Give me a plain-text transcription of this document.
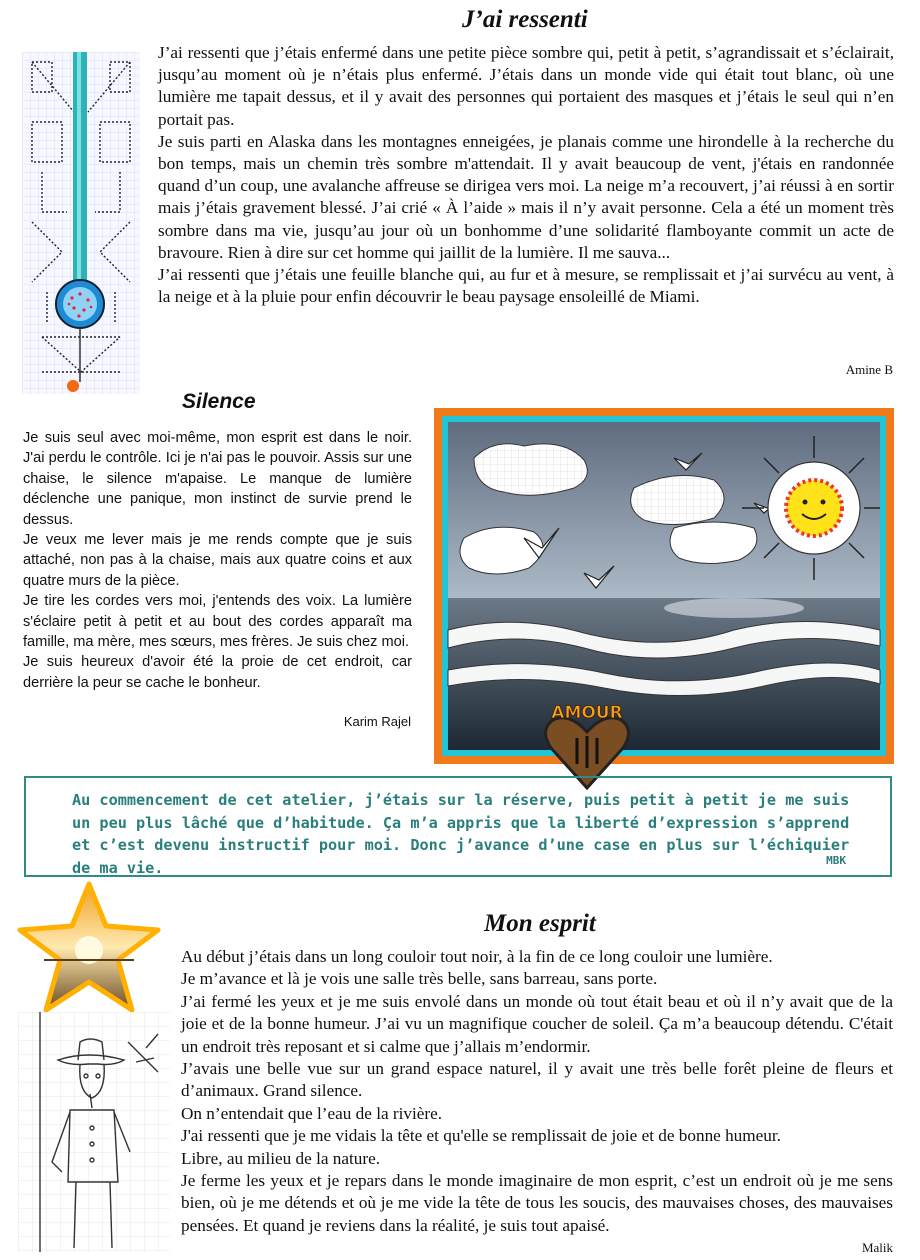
J’ai ressenti

J’ai ressenti que j’étais enfermé dans une petite pièce sombre qui, petit à petit, s’agrandissait et s’éclairait, jusqu’au moment où je n’étais plus enfermé. J’étais dans un monde vide qui était tout blanc, où une lumière me tapait dessus, et il y avait des personnes qui portaient des masques et j’étais le seul qui n’en portait pas.

Je suis parti en Alaska dans les montagnes enneigées, je planais comme une hirondelle à la recherche du bon temps, mais un chemin très sombre m'attendait. Il y avait beaucoup de vent, j'étais en randonnée quand d’un coup, une avalanche affreuse se dirigea vers moi. La neige m’a recouvert, j’ai réussi à en sortir mais j’étais gravement blessé. J’ai crié « À l’aide » mais il n’y avait personne. Cela a été un moment très sombre dans ma vie, jusqu’au jour où un bonhomme d’une solidarité flamboyante commit un acte de bravoure. Rien à dire sur cet homme qui jaillit de la lumière. Il me sauva...

J’ai ressenti que j’étais une feuille blanche qui, au fur et à mesure, se remplissait et j’ai survécu au vent, à la neige et à la pluie pour enfin découvrir le beau paysage ensoleillé de Miami.

Amine B
Silence

Je suis seul avec moi-même, mon esprit est dans le noir. J'ai perdu le contrôle. Ici je n'ai pas le pouvoir. Assis sur une chaise, le silence m'apaise. Le manque de lumière déclenche une panique, mon instinct de survie prend le dessus.

Je veux me lever mais je me rends compte que je suis attaché, non pas à la chaise, mais aux quatre coins et aux quatre murs de la pièce.

Je tire les cordes vers moi, j'entends des voix. La lumière s'éclaire petit à petit et au bout des cordes apparaît ma famille, ma mère, mes sœurs, mes frères. Je suis chez moi.

Je suis heureux d'avoir été la proie de cet endroit, car derrière la peur se cache le bonheur.

Karim Rajel	AMOUR
Au commencement de cet atelier, j’étais sur la réserve, puis petit à petit je me suis un peu plus lâché que d’habitude. Ça m’a appris que la liberté d’expression s’apprend et c’est devenu instructif pour moi. Donc j’avance d’une case en plus sur l’échiquier de ma vie.	MBK
Mon esprit

Au début j’étais dans un long couloir tout noir, à la fin de ce long couloir une lumière.

Je m’avance et là je vois une salle très belle, sans barreau, sans porte.

J’ai fermé les yeux et je me suis envolé dans un monde où tout était beau et où il n’y avait que de la joie et de la bonne humeur. J’ai vu un magnifique coucher de soleil. Ça m’a beaucoup détendu. C'était un endroit très reposant et si calme que j’allais m’endormir.

J’avais une belle vue sur un grand espace naturel, il y avait une très belle forêt pleine de fleurs et d’animaux. Grand silence.

On n’entendait que l’eau de la rivière.

J'ai ressenti que je me vidais la tête et qu'elle se remplissait de joie et de bonne humeur.

Libre, au milieu de la nature.

Je ferme les yeux et je repars dans le monde imaginaire de mon esprit, c’est un endroit où je me sens bien, où je me détends et où je me vide la tête de tous les soucis, des mauvaises choses, des mauvaises pensées. Et quand je reviens dans la réalité, je suis tout apaisé.

Malik
